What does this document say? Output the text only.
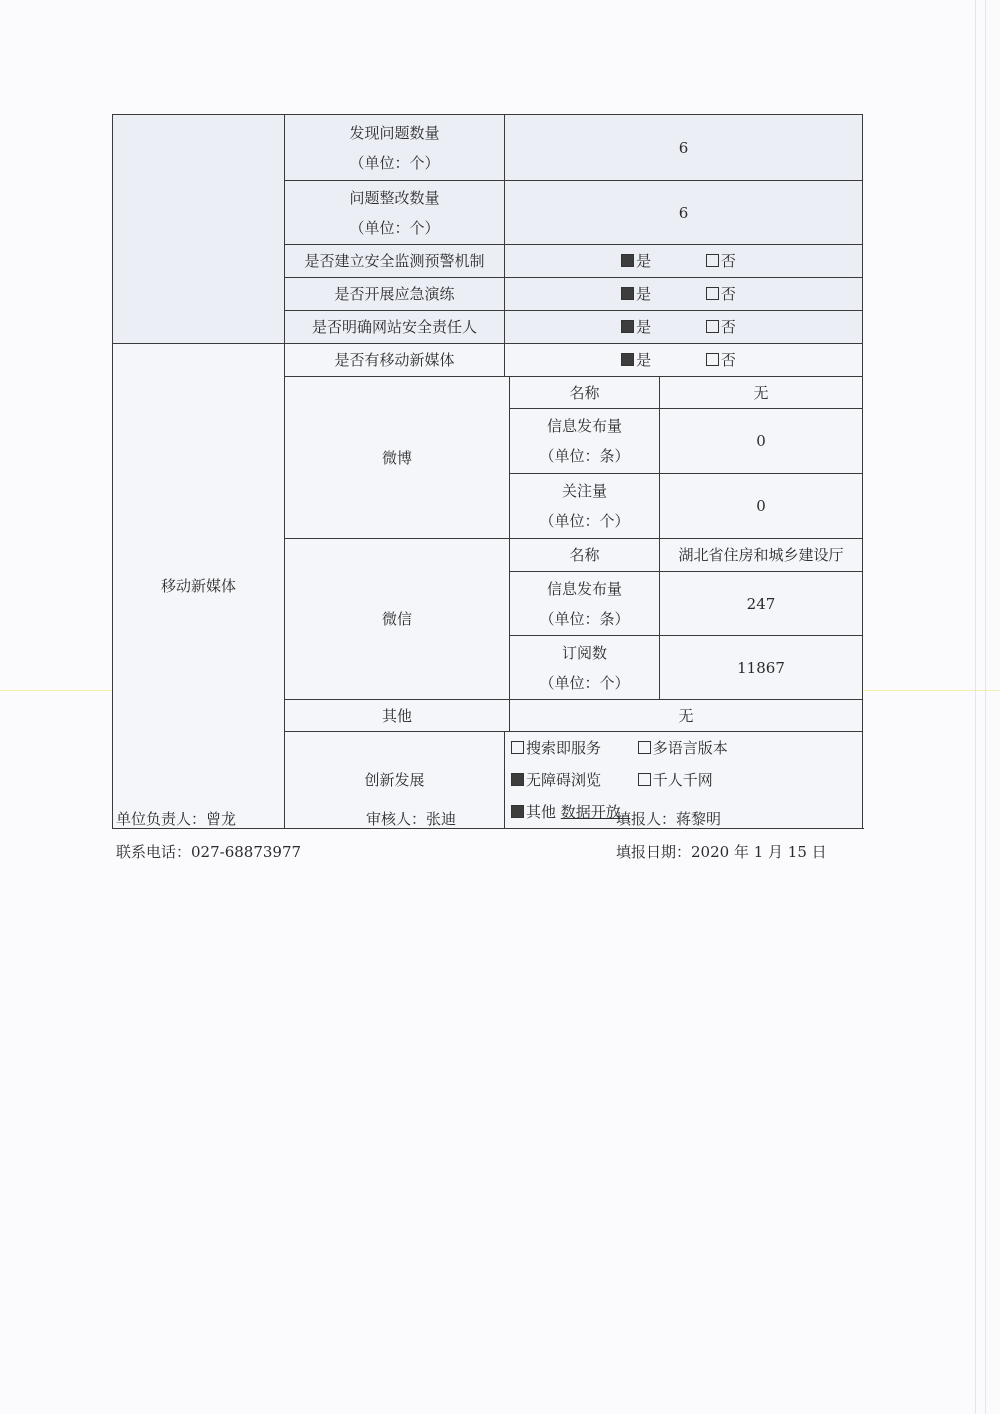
	发现问题数量
（单位：个）	6		

	问题整改数量
（单位：个）	6		
	是否建立安全监测预警机制	是 否		
	是否开展应急演练	是 否		
	是否明确网站安全责任人	是 否		
移动新媒体	是否有移动新媒体	是 否		
	微博		名称	无

			信息发布量
（单位：条）	0

			关注量
（单位：个）	0
	微信		名称	湖北省住房和城乡建设厅

			信息发布量
（单位：条）	247

			订阅数
（单位：个）	11867
	其他		无	
	创新发展	搜索即服务 多语言版本 无障碍浏览 千人千网
其他 数据开放		
单位负责人：曾龙	审核人：张迪	填报人：蒋黎明
联系电话：027-68873977	填报日期：2020 年 1 月 15 日
